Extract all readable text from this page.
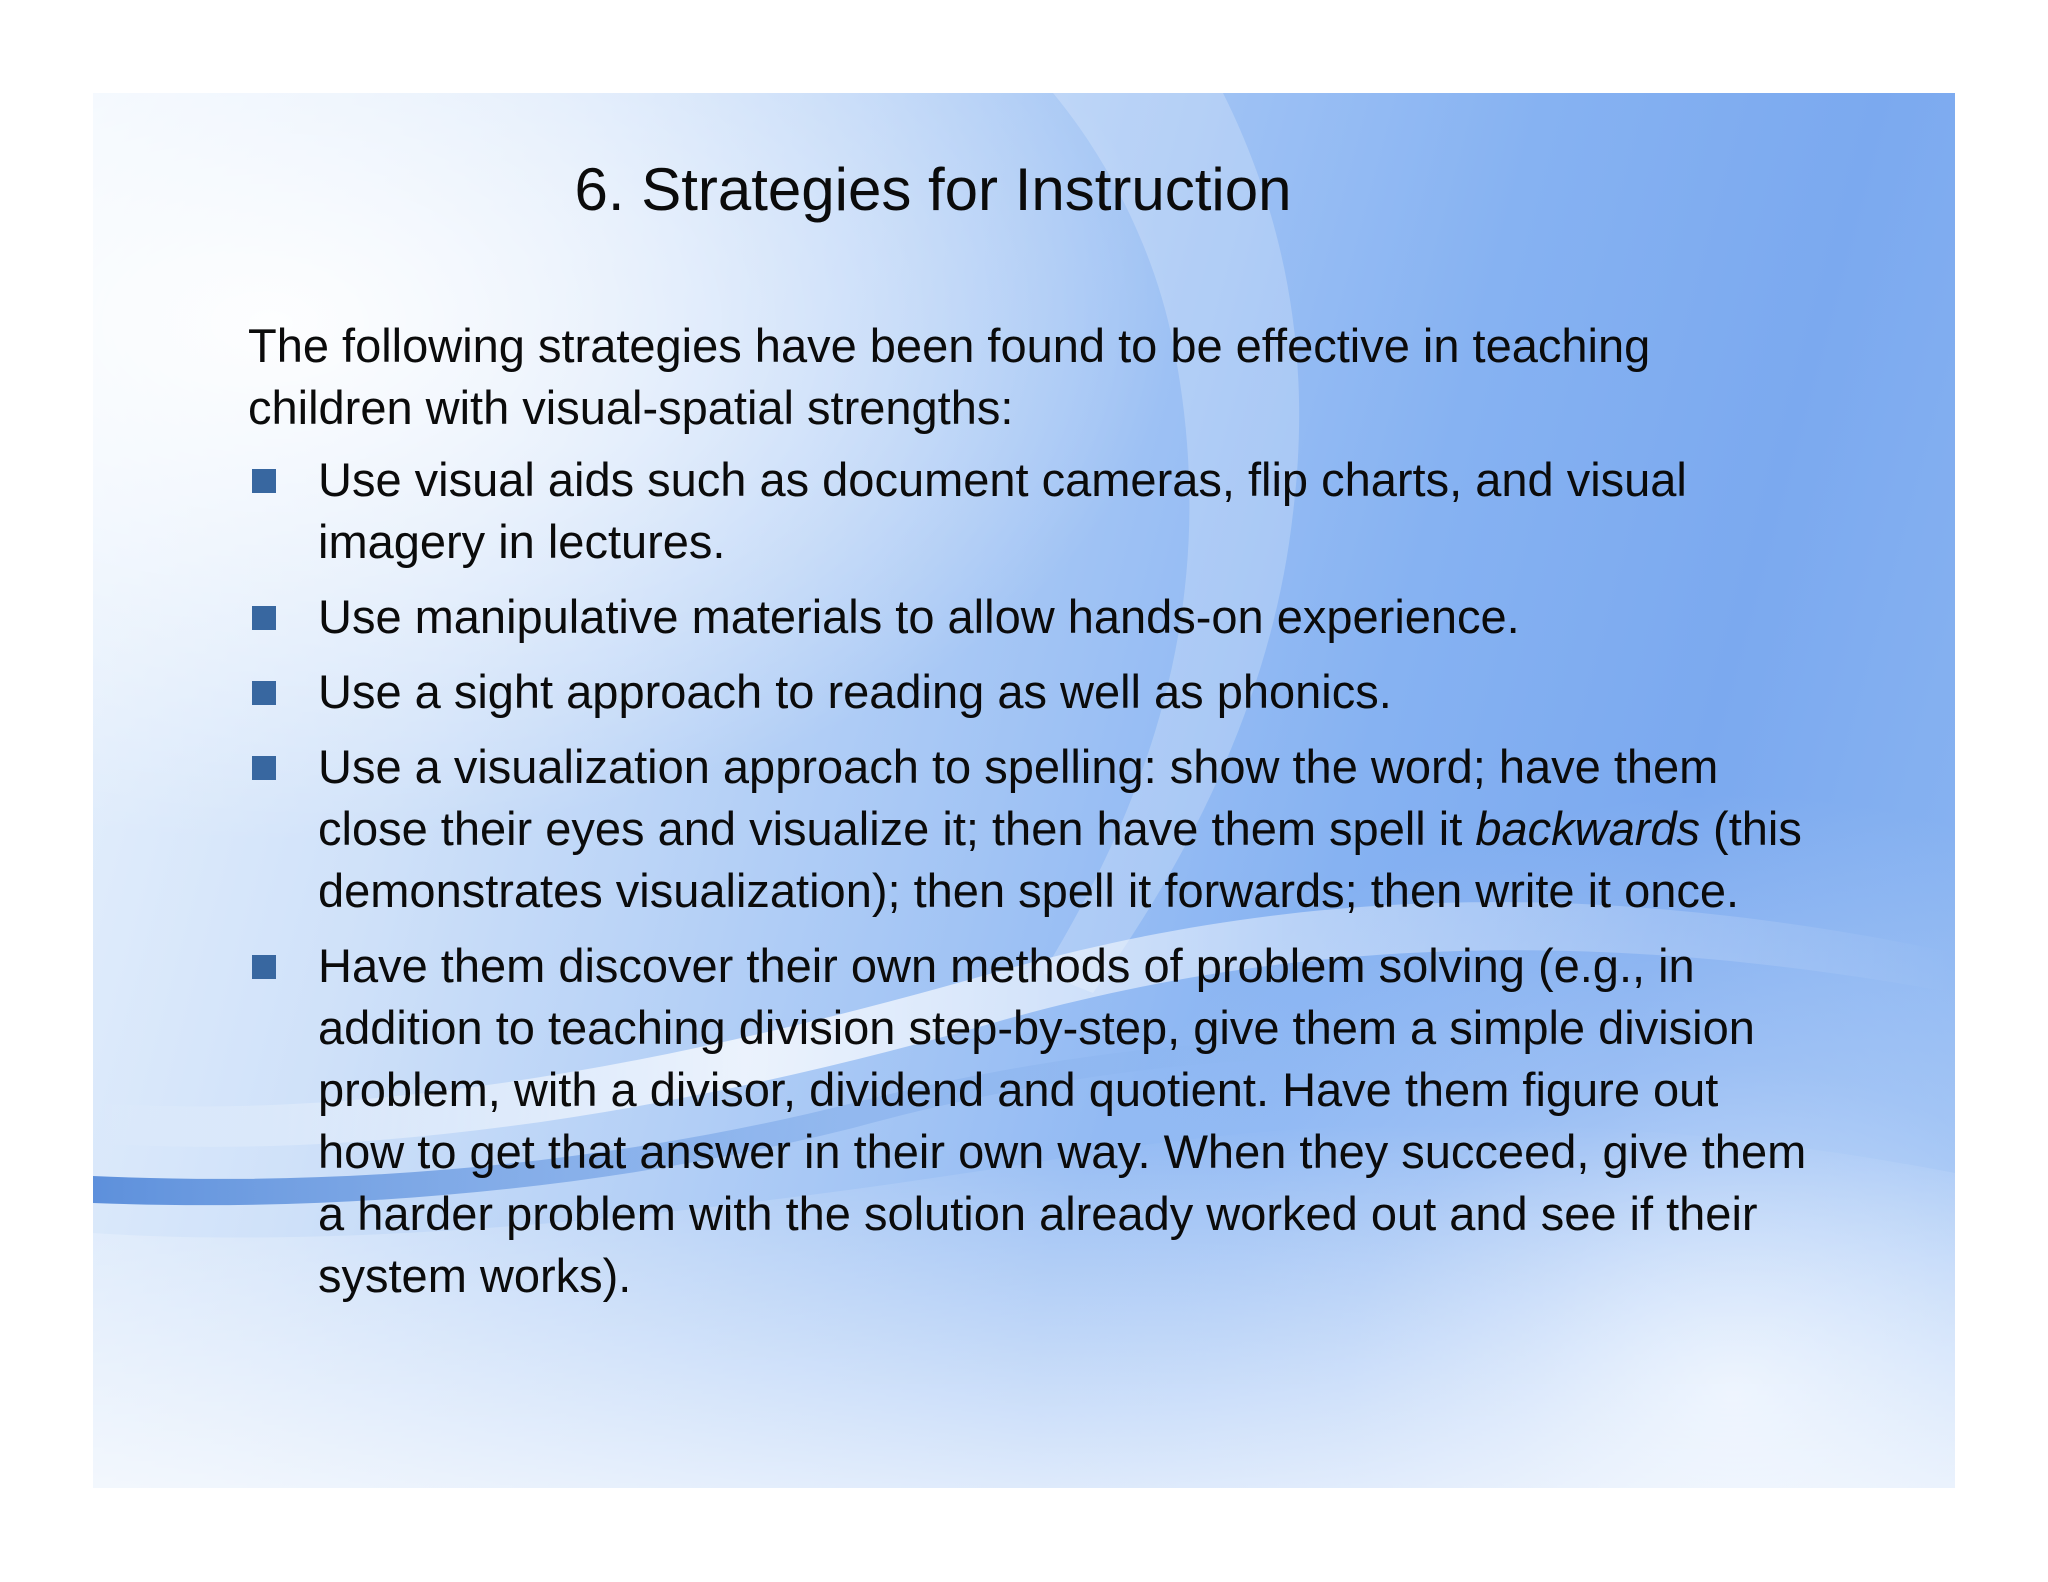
6. Strategies for Instruction

The following strategies have been found to be effective in teaching children with visual-spatial strengths:

Use visual aids such as document cameras, flip charts, and visual imagery in lectures.
Use manipulative materials to allow hands-on experience.
Use a sight approach to reading as well as phonics.
Use a visualization approach to spelling: show the word; have them close their eyes and visualize it; then have them spell it backwards (this demonstrates visualization); then spell it forwards; then write it once.
Have them discover their own methods of problem solving (e.g., in addition to teaching division step-by-step, give them a simple division problem, with a divisor, dividend and quotient. Have them figure out how to get that answer in their own way. When they succeed, give them a harder problem with the solution already worked out and see if their system works).
